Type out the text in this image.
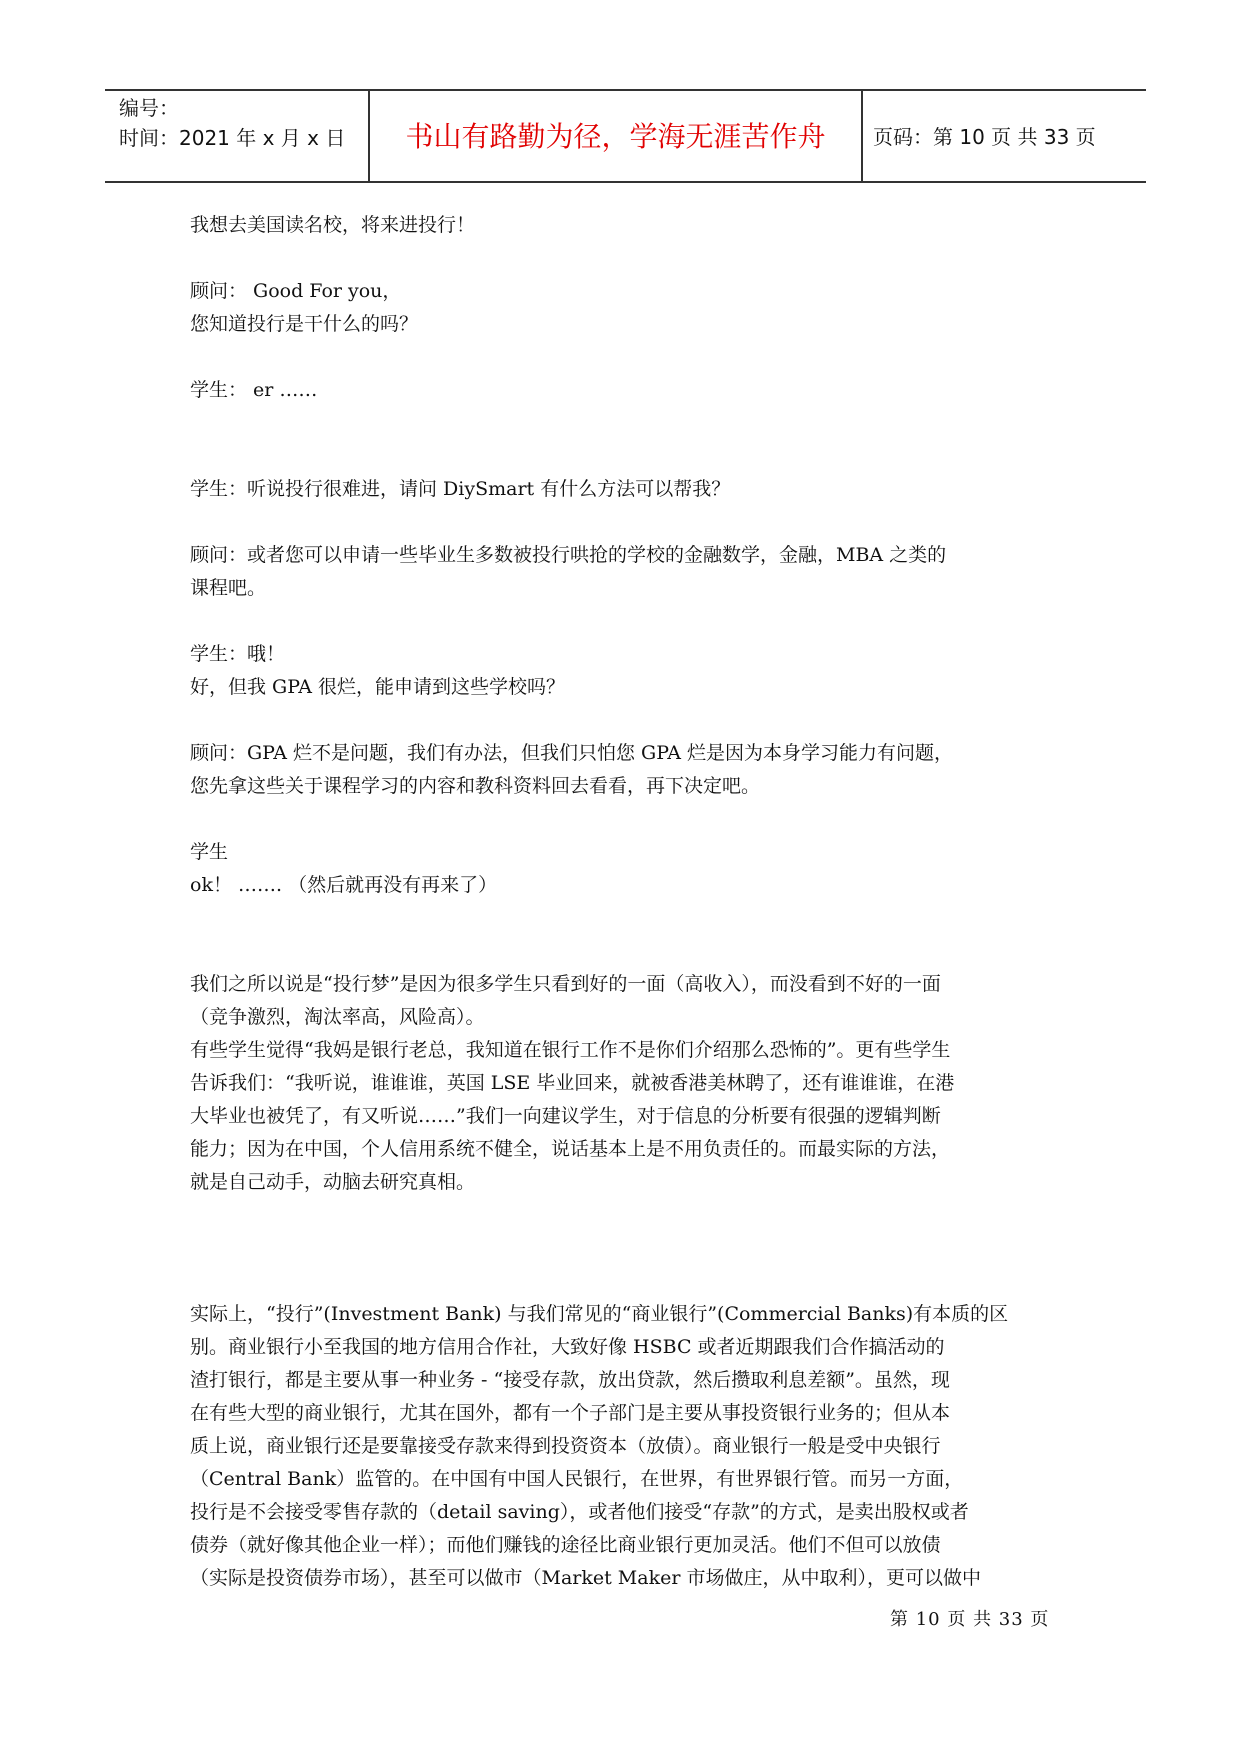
编号：
时间：2021 年 x 月 x 日	书山有路勤为径，学海无涯苦作舟	页码：第 10 页 共 33 页

我想去美国读名校，将来进投行！

顾问： Good For you，

您知道投行是干什么的吗？

学生： er ……

学生：听说投行很难进，请问 DiySmart 有什么方法可以帮我？

顾问：或者您可以申请一些毕业生多数被投行哄抢的学校的金融数学，金融，MBA 之类的

课程吧。

学生：哦！

好，但我 GPA 很烂，能申请到这些学校吗？

顾问：GPA 烂不是问题，我们有办法，但我们只怕您 GPA 烂是因为本身学习能力有问题，

您先拿这些关于课程学习的内容和教科资料回去看看，再下决定吧。

学生

ok！ ……. （然后就再没有再来了）

我们之所以说是“投行梦”是因为很多学生只看到好的一面（高收入），而没看到不好的一面

（竞争激烈，淘汰率高，风险高）。

有些学生觉得“我妈是银行老总，我知道在银行工作不是你们介绍那么恐怖的”。更有些学生

告诉我们：“我听说，谁谁谁，英国 LSE 毕业回来，就被香港美林聘了，还有谁谁谁，在港

大毕业也被凭了，有又听说……”我们一向建议学生，对于信息的分析要有很强的逻辑判断

能力；因为在中国，个人信用系统不健全，说话基本上是不用负责任的。而最实际的方法，

就是自己动手，动脑去研究真相。

实际上，“投行”(Investment Bank) 与我们常见的“商业银行”(Commercial Banks)有本质的区

别。商业银行小至我国的地方信用合作社，大致好像 HSBC 或者近期跟我们合作搞活动的

渣打银行，都是主要从事一种业务 - “接受存款，放出贷款，然后攒取利息差额”。虽然，现

在有些大型的商业银行，尤其在国外，都有一个子部门是主要从事投资银行业务的；但从本

质上说，商业银行还是要靠接受存款来得到投资资本（放债）。商业银行一般是受中央银行

（Central Bank）监管的。在中国有中国人民银行，在世界，有世界银行管。而另一方面，

投行是不会接受零售存款的（detail saving），或者他们接受“存款”的方式，是卖出股权或者

债券（就好像其他企业一样）；而他们赚钱的途径比商业银行更加灵活。他们不但可以放债

（实际是投资债券市场），甚至可以做市（Market Maker 市场做庄，从中取利），更可以做中

第 10 页 共 33 页
